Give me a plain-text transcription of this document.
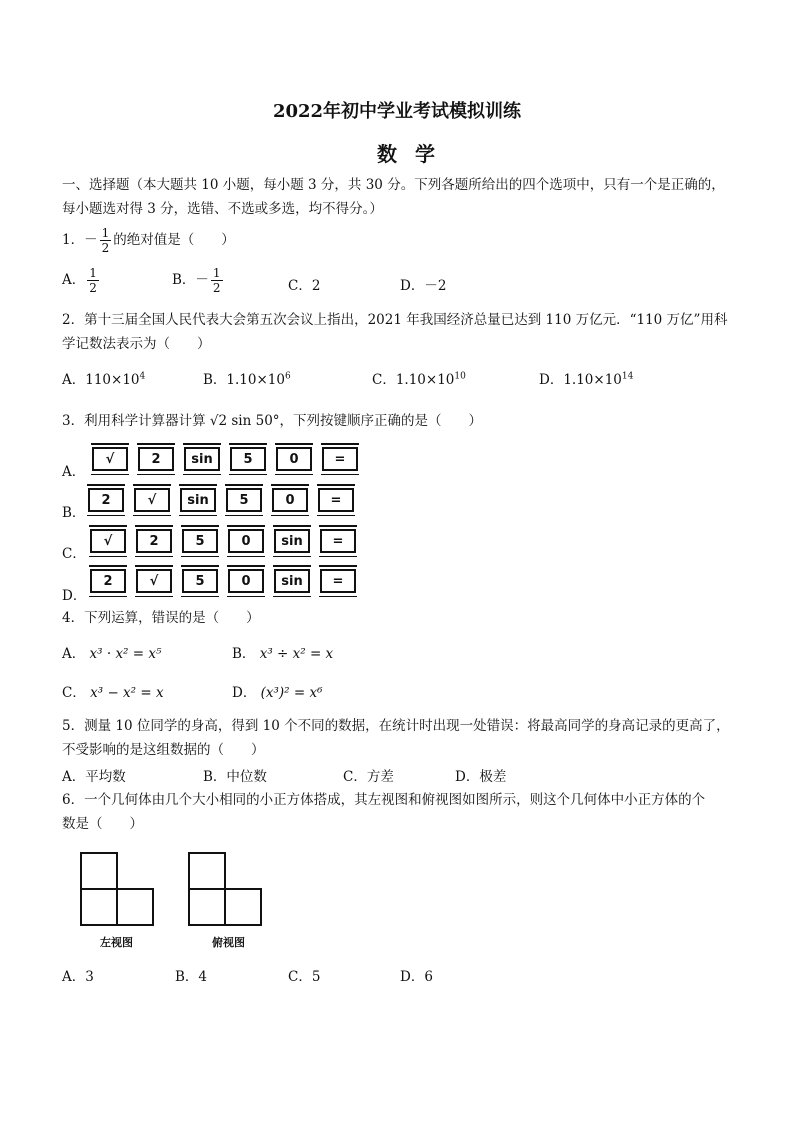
2022年初中学业考试模拟训练
数学
一、选择题（本大题共 10 小题，每小题 3 分，共 30 分。下列各题所给出的四个选项中，只有一个是正确的，
每小题选对得 3 分，选错、不选或多选，均不得分。）
1．－ $\frac{1}{2}$ 的绝对值是（　　）
A． $\frac{1}{2}$	B．－ $\frac{1}{2}$	C．2	D．－2
2．第十三届全国人民代表大会第五次会议上指出，2021 年我国经济总量已达到 110 万亿元．“110 万亿”用科
学记数法表示为（　　）
A．$110\times 10^4$	B．$1.10\times 10^6$	C．$1.10\times 10^{10}$	D．$1.10\times 10^{14}$
3．利用科学计算器计算 √2 sin 50°，下列按键顺序正确的是（　　）
A．
√	2	sin	5	0	=
B．
2	√	sin	5	0	=
C．
√	2	5	0	sin	=
D．
2	√	5	0	sin	=
4．下列运算，错误的是（　　）
A． x³ · x² = x⁵	B． x³ ÷ x² = x
C． x³ − x² = x	D． (x³)² = x⁶
5．测量 10 位同学的身高，得到 10 个不同的数据，在统计时出现一处错误：将最高同学的身高记录的更高了，
不受影响的是这组数据的（　　）
A．平均数	B．中位数	C．方差	D．极差
6．一个几何体由几个大小相同的小正方体搭成，其左视图和俯视图如图所示，则这个几何体中小正方体的个
数是（　　）
左视图	俯视图
A．3	B．4	C．5	D．6
